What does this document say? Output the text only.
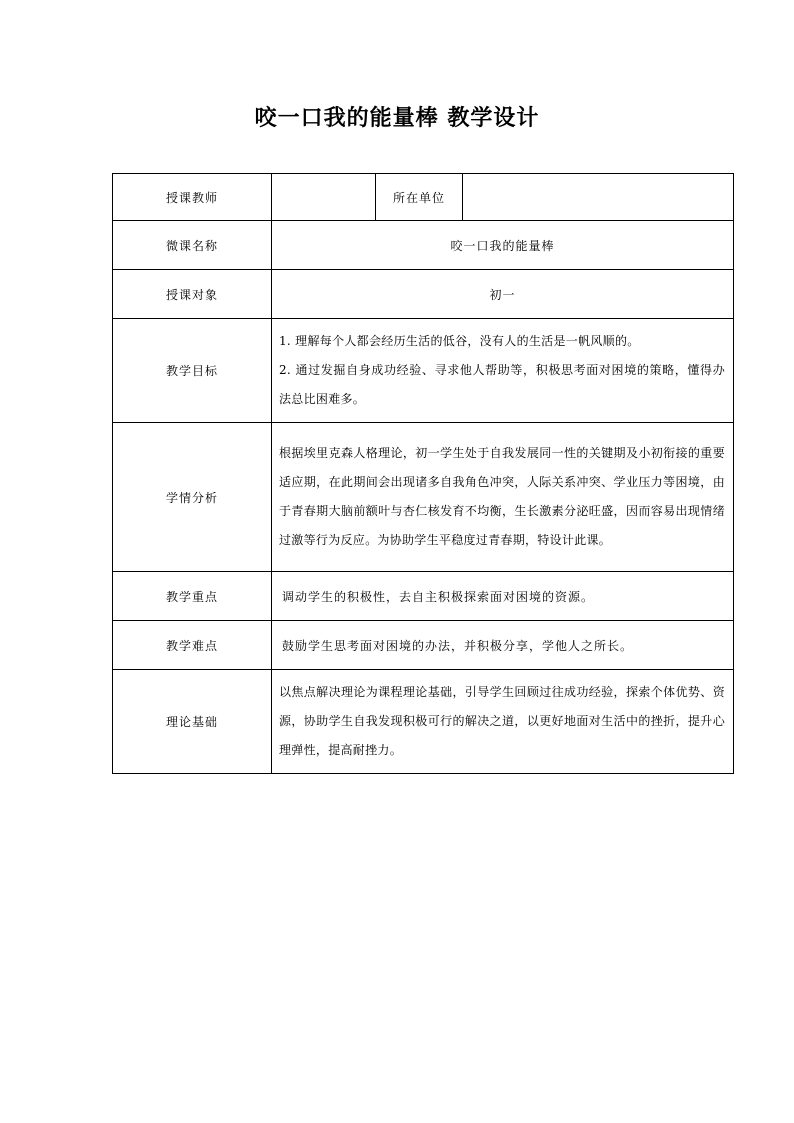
咬一口我的能量棒 教学设计
授课教师		所在单位	
微课名称	咬一口我的能量棒		
授课对象	初一		
教学目标	1. 理解每个人都会经历生活的低谷，没有人的生活是一帆风顺的。

2. 通过发掘自身成功经验、寻求他人帮助等，积极思考面对困境的策略，懂得办法总比困难多。		

学情分析	根据埃里克森人格理论，初一学生处于自我发展同一性的关键期及小初衔接的重要适应期，在此期间会出现诸多自我角色冲突，人际关系冲突、学业压力等困境，由于青春期大脑前额叶与杏仁核发育不均衡，生长激素分泌旺盛，因而容易出现情绪过激等行为反应。为协助学生平稳度过青春期，特设计此课。		
教学重点	调动学生的积极性，去自主积极探索面对困境的资源。		
教学难点	鼓励学生思考面对困境的办法，并积极分享，学他人之所长。		
理论基础	以焦点解决理论为课程理论基础，引导学生回顾过往成功经验，探索个体优势、资源，协助学生自我发现积极可行的解决之道，以更好地面对生活中的挫折，提升心理弹性，提高耐挫力。		
